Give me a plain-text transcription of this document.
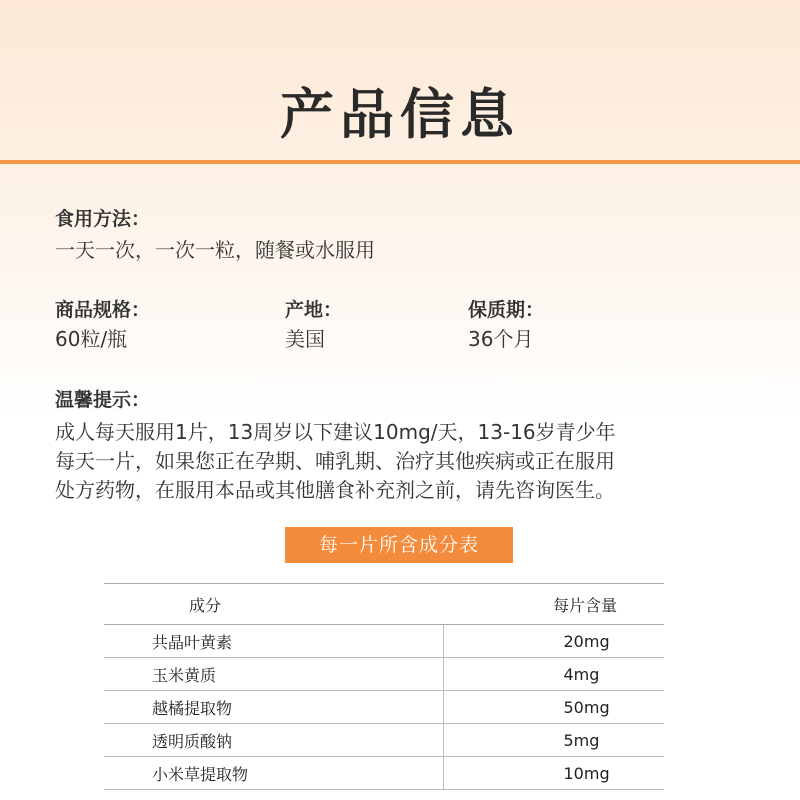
产品信息
食用方法：
一天一次，一次一粒，随餐或水服用
商品规格：
60粒/瓶
产地：
美国
保质期：
36个月
温馨提示：
成人每天服用1片，13周岁以下建议10mg/天，13-16岁青少年
每天一片，如果您正在孕期、哺乳期、治疗其他疾病或正在服用
处方药物，在服用本品或其他膳食补充剂之前，请先咨询医生。
每一片所含成分表
成分	每片含量
共晶叶黄素	20mg
玉米黄质	4mg
越橘提取物	50mg
透明质酸钠	5mg
小米草提取物	10mg
